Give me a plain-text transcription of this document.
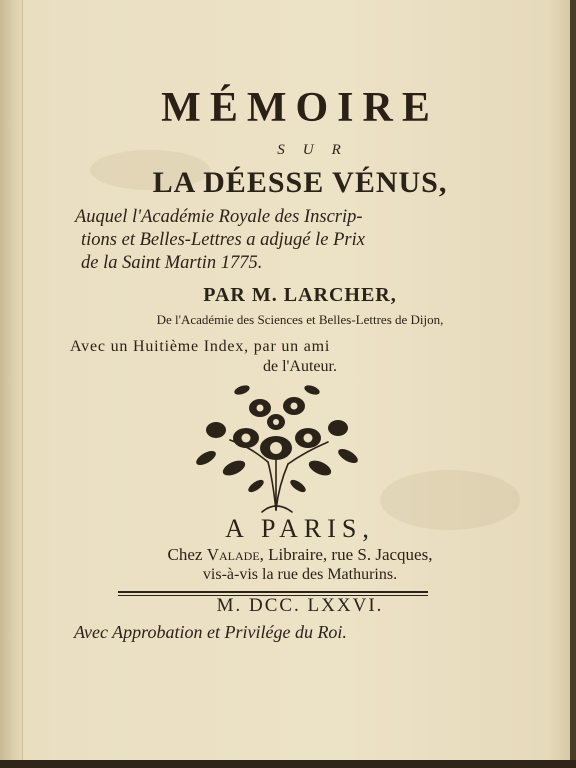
MÉMOIRE
SUR
LA DÉESSE VÉNUS,
Auquel l'Académie Royale des Inscrip-
tions et Belles-Lettres a adjugé le Prix
de la Saint Martin 1775.
PAR M. LARCHER,
De l'Académie des Sciences et Belles-Lettres de Dijon,
Avec un Huitième Index, par un ami
de l'Auteur.
A PARIS,
Chez Valade, Libraire, rue S. Jacques,
vis-à-vis la rue des Mathurins.
M. DCC. LXXVI.
Avec Approbation et Privilége du Roi.
